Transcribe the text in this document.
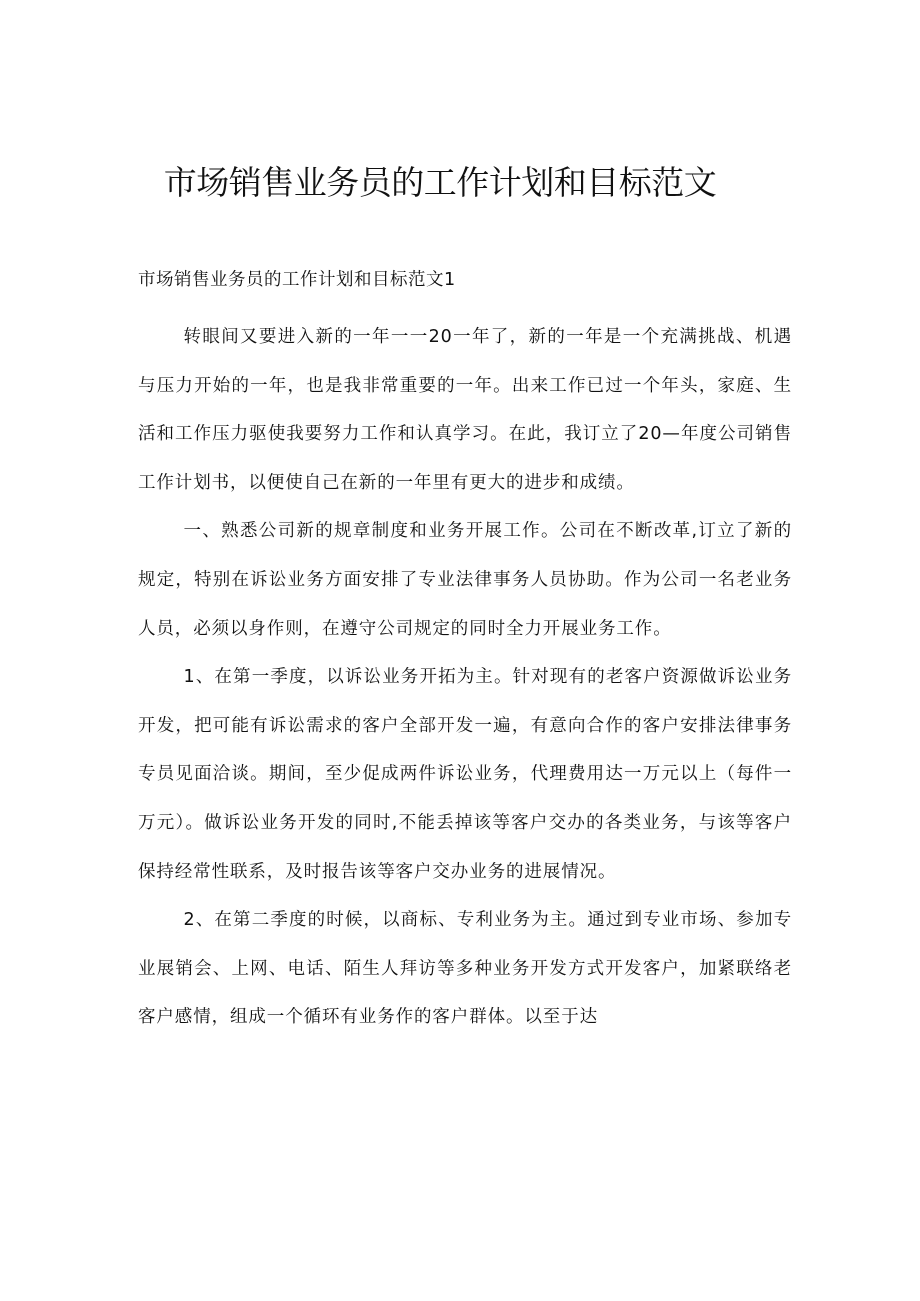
市场销售业务员的工作计划和目标范文

市场销售业务员的工作计划和目标范文1

转眼间又要进入新的一年一一20一年了，新的一年是一个充满挑战、机遇与压力开始的一年，也是我非常重要的一年。出来工作已过一个年头，家庭、生活和工作压力驱使我要努力工作和认真学习。在此，我订立了20—年度公司销售工作计划书，以便使自己在新的一年里有更大的进步和成绩。

一、熟悉公司新的规章制度和业务开展工作。公司在不断改革,订立了新的规定，特别在诉讼业务方面安排了专业法律事务人员协助。作为公司一名老业务人员，必须以身作则，在遵守公司规定的同时全力开展业务工作。

1、在第一季度，以诉讼业务开拓为主。针对现有的老客户资源做诉讼业务开发，把可能有诉讼需求的客户全部开发一遍，有意向合作的客户安排法律事务专员见面洽谈。期间，至少促成两件诉讼业务，代理费用达一万元以上（每件一万元）。做诉讼业务开发的同时,不能丢掉该等客户交办的各类业务，与该等客户保持经常性联系，及时报告该等客户交办业务的进展情况。

2、在第二季度的时候，以商标、专利业务为主。通过到专业市场、参加专业展销会、上网、电话、陌生人拜访等多种业务开发方式开发客户，加紧联络老客户感情，组成一个循环有业务作的客户群体。以至于达
